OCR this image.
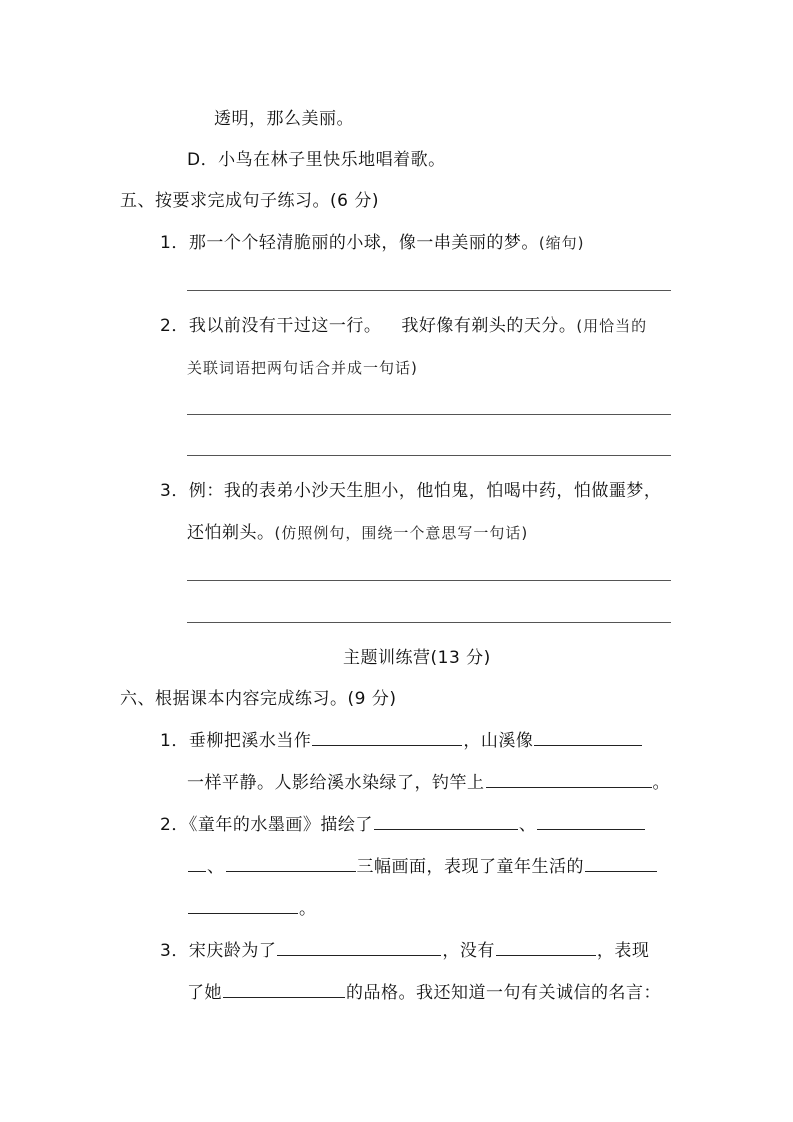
透明，那么美丽。
D．小鸟在林子里快乐地唱着歌。
五、按要求完成句子练习。(6 分)
1．那一个个轻清脆丽的小球，像一串美丽的梦。(缩句)
2．我以前没有干过这一行。 我好像有剃头的天分。(用恰当的
关联词语把两句话合并成一句话)
3．例：我的表弟小沙天生胆小，他怕鬼，怕喝中药，怕做噩梦，
还怕剃头。(仿照例句，围绕一个意思写一句话)
主题训练营(13 分)
六、根据课本内容完成练习。(9 分)
1．垂柳把溪水当作	，山溪像
一样平静。人影给溪水染绿了，钓竿上	。
2．《童年的水墨画》描绘了	、
、	三幅画面，表现了童年生活的
。
3．宋庆龄为了	，没有	，表现
了她	的品格。我还知道一句有关诚信的名言：
